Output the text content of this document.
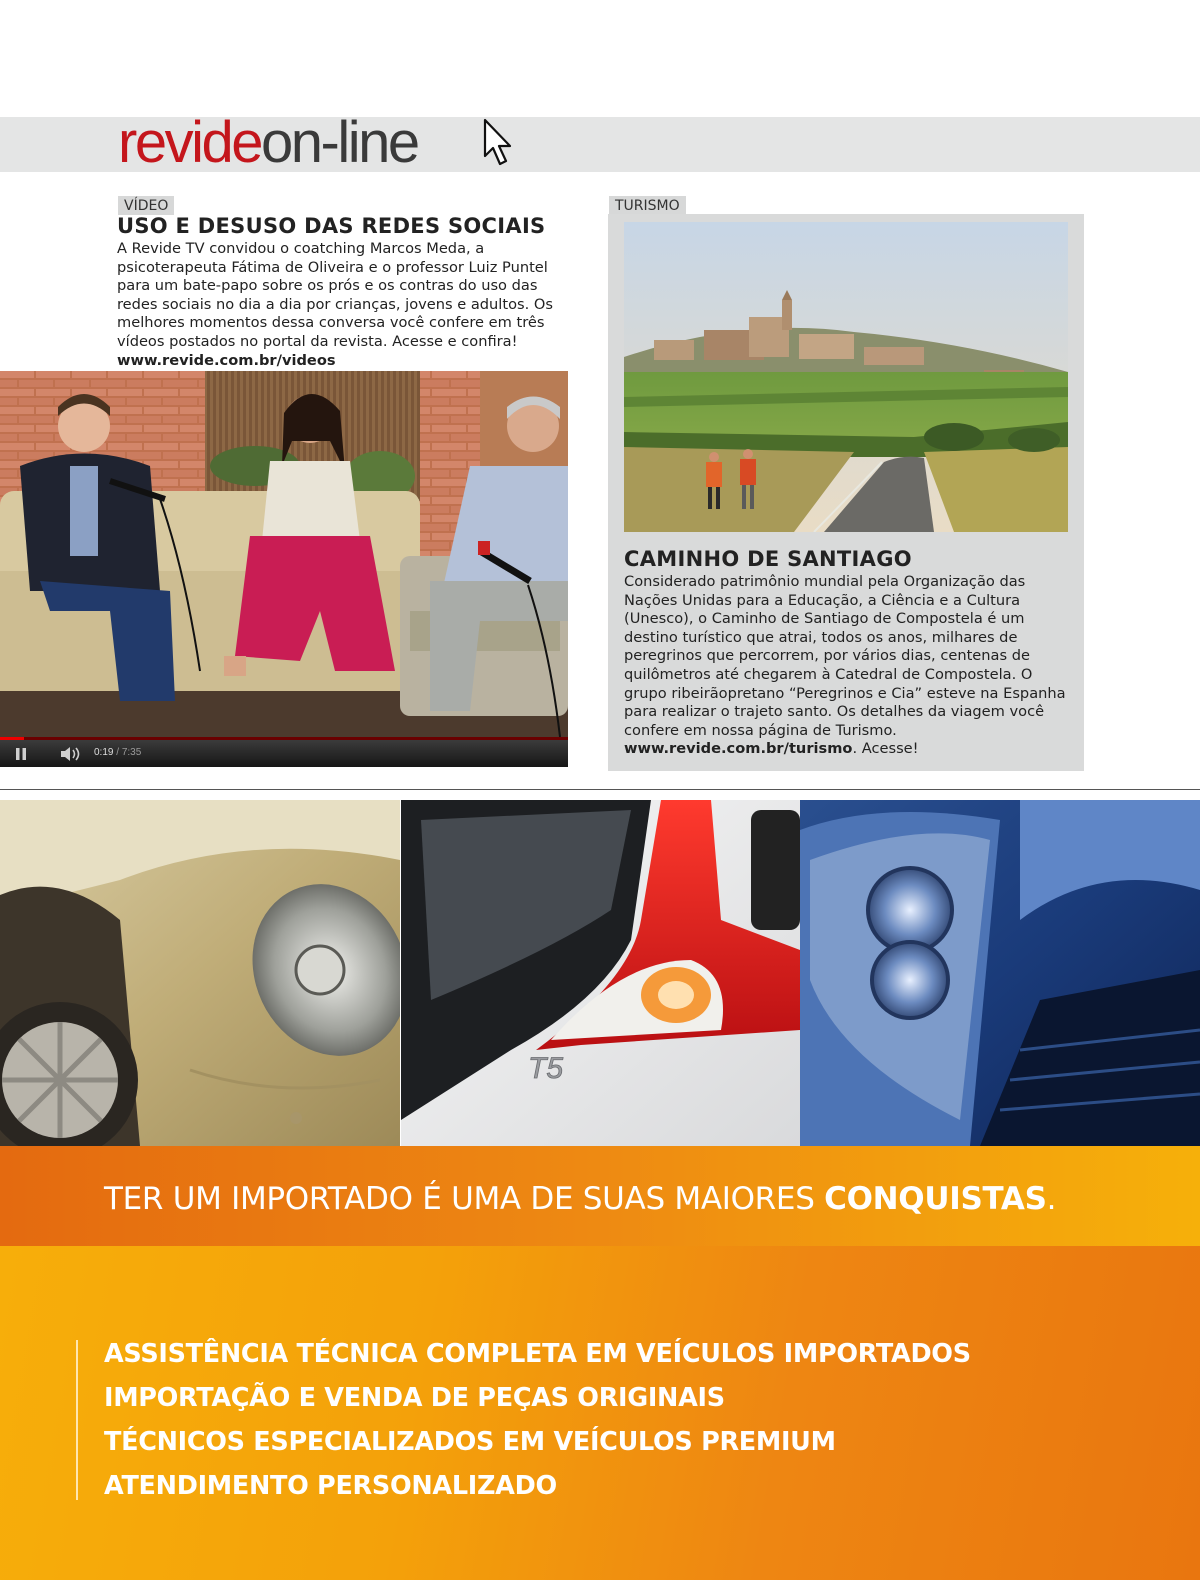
revideon-line
VÍDEO
USO E DESUSO DAS REDES SOCIAIS
A Revide TV convidou o coatching Marcos Meda, a psicoterapeuta Fátima de Oliveira e o professor Luiz Puntel para um bate-papo sobre os prós e os contras do uso das redes sociais no dia a dia por crianças, jovens e adultos. Os melhores momentos dessa conversa você confere em três vídeos postados no portal da revista. Acesse e confira! www.revide.com.br/videos
0:19 / 7:35
TURISMO
CAMINHO DE SANTIAGO
Considerado patrimônio mundial pela Organização das Nações Unidas para a Educação, a Ciência e a Cultura (Unesco), o Caminho de Santiago de Compostela é um destino turístico que atrai, todos os anos, milhares de peregrinos que percorrem, por vários dias, centenas de quilômetros até chegarem à Catedral de Compostela. O grupo ribeirãopretano “Peregrinos e Cia” esteve na Espanha para realizar o trajeto santo. Os detalhes da viagem você confere em nossa página de Turismo. www.revide.com.br/turismo. Acesse!
T5
TER UM IMPORTADO É UMA DE SUAS MAIORES CONQUISTAS.
ASSISTÊNCIA TÉCNICA COMPLETA EM VEÍCULOS IMPORTADOS
IMPORTAÇÃO E VENDA DE PEÇAS ORIGINAIS
TÉCNICOS ESPECIALIZADOS EM VEÍCULOS PREMIUM
ATENDIMENTO PERSONALIZADO
